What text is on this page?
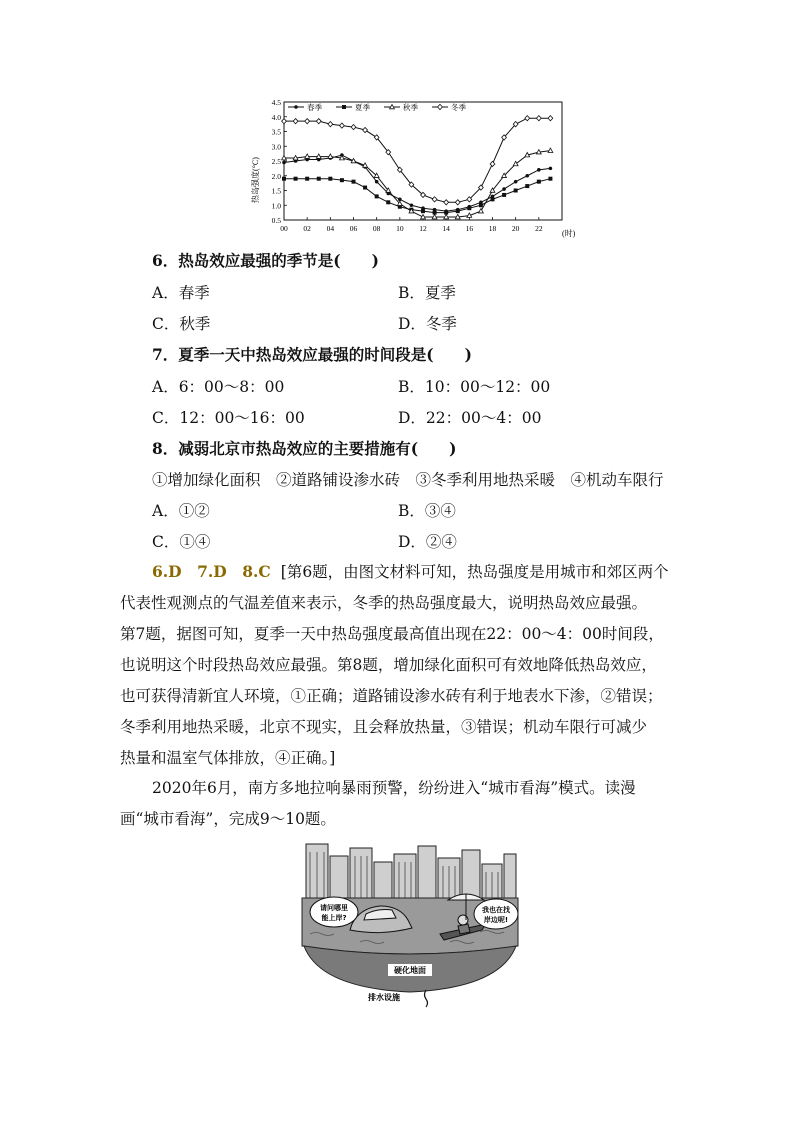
0.5
1.0
1.5
2.0
2.5
3.0
3.5
4.0
4.5
00 02 04 06 08 10 12 14 16 18 20 22
春季	夏季	秋季	冬季
热岛强度(°C)
(时)
6．热岛效应最强的季节是(　　)
A．春季	B．夏季
C．秋季	D．冬季
7．夏季一天中热岛效应最强的时间段是(　　)
A．6：00～8：00	B．10：00～12：00
C．12：00～16：00	D．22：00～4：00
8．减弱北京市热岛效应的主要措施有(　　)
①增加绿化面积　②道路铺设渗水砖　③冬季利用地热采暖　④机动车限行
A．①②	B．③④
C．①④	D．②④
6.D　7.D　8.C [第6题，由图文材料可知，热岛强度是用城市和郊区两个
代表性观测点的气温差值来表示，冬季的热岛强度最大，说明热岛效应最强。
第7题，据图可知，夏季一天中热岛强度最高值出现在22：00～4：00时间段，
也说明这个时段热岛效应最强。第8题，增加绿化面积可有效地降低热岛效应，
也可获得清新宜人环境，①正确；道路铺设渗水砖有利于地表水下渗，②错误；
冬季利用地热采暖，北京不现实，且会释放热量，③错误；机动车限行可减少
热量和温室气体排放，④正确。]
2020年6月，南方多地拉响暴雨预警，纷纷进入“城市看海”模式。读漫
画“城市看海”，完成9～10题。
请问哪里
能上岸?
我也在找
岸边呢!
硬化地面
排水设施
